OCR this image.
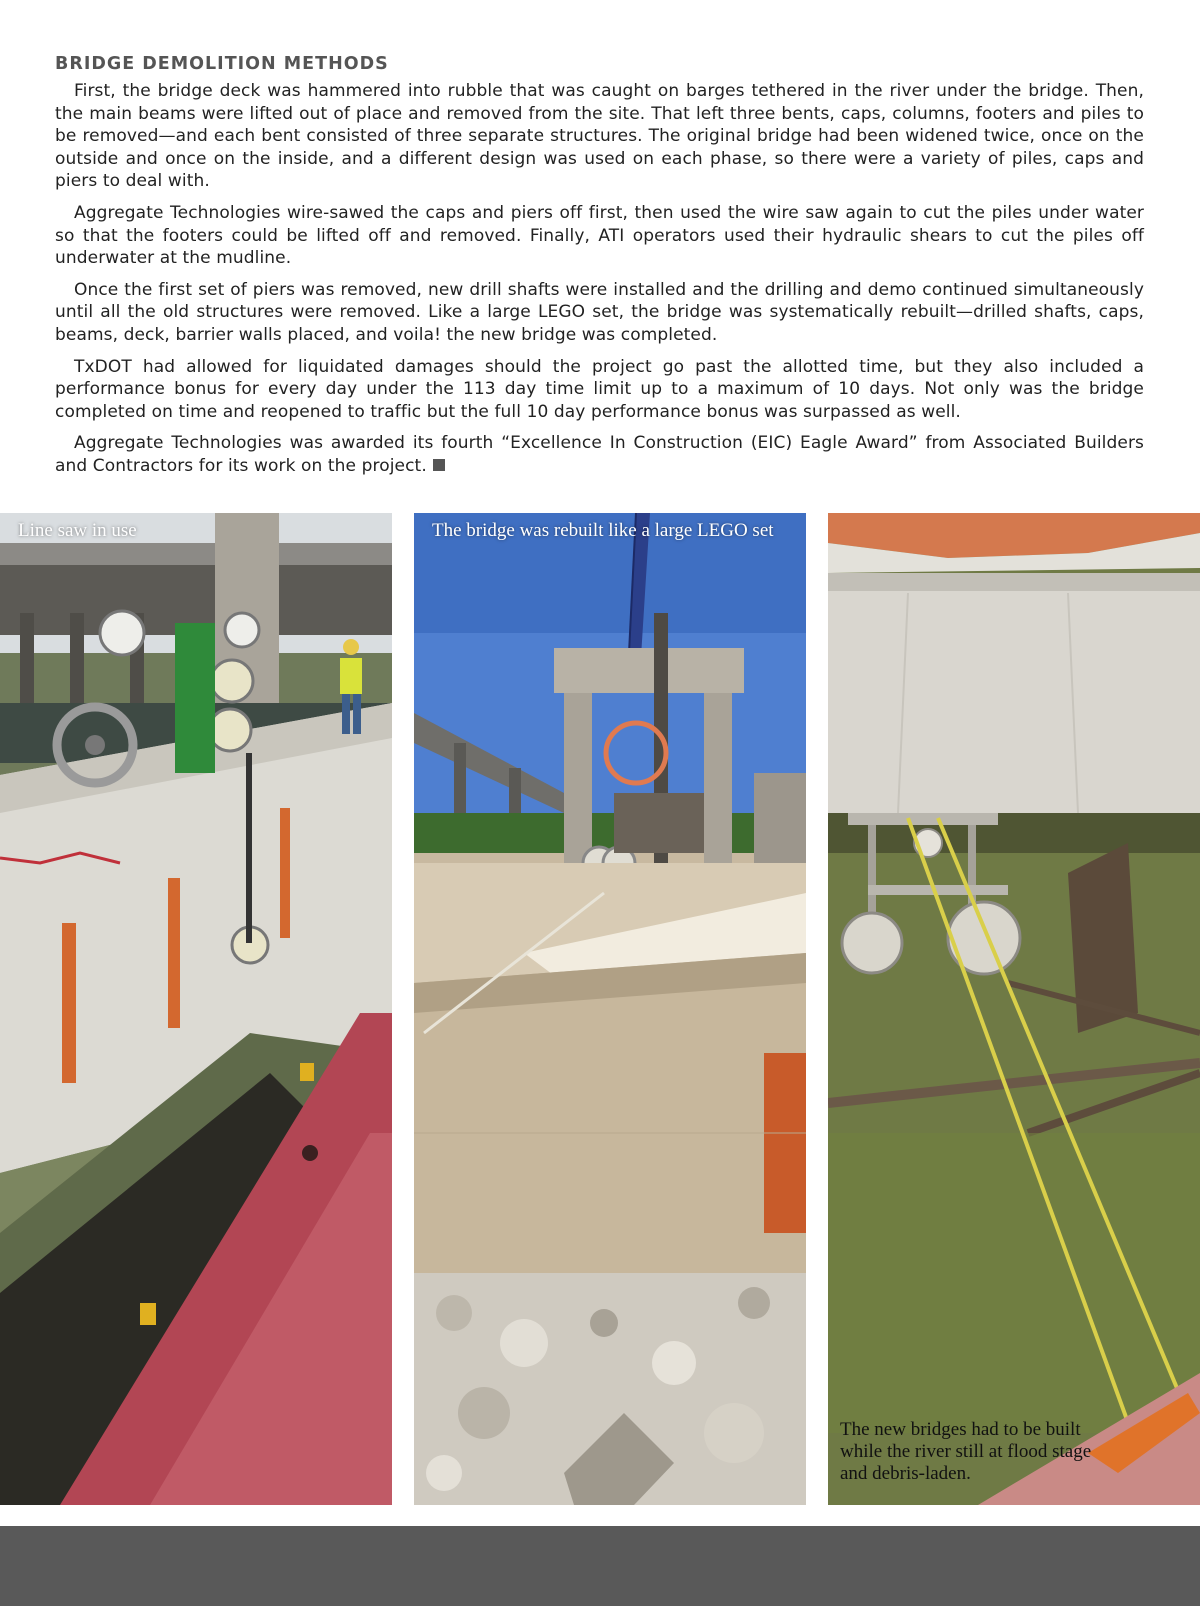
BRIDGE DEMOLITION METHODS

First, the bridge deck was hammered into rubble that was caught on barges tethered in the river under the bridge. Then, the main beams were lifted out of place and removed from the site. That left three bents, caps, columns, footers and piles to be removed—and each bent consisted of three separate structures. The original bridge had been widened twice, once on the outside and once on the inside, and a different design was used on each phase, so there were a variety of piles, caps and piers to deal with.

Aggregate Technologies wire-sawed the caps and piers off first, then used the wire saw again to cut the piles under water so that the footers could be lifted off and removed. Finally, ATI operators used their hydraulic shears to cut the piles off underwater at the mudline.

Once the first set of piers was removed, new drill shafts were installed and the drilling and demo continued simultaneously until all the old structures were removed. Like a large LEGO set, the bridge was systematically rebuilt—drilled shafts, caps, beams, deck, barrier walls placed, and voila! the new bridge was completed.

TxDOT had allowed for liquidated damages should the project go past the allotted time, but they also included a performance bonus for every day under the 113 day time limit up to a maximum of 10 days. Not only was the bridge completed on time and reopened to traffic but the full 10 day performance bonus was surpassed as well.

Aggregate Technologies was awarded its fourth “Excellence In Construction (EIC) Eagle Award” from Associated Builders and Contractors for its work on the project.

Line saw in use	The bridge was rebuilt like a large LEGO set
The new bridges had to be built while the river still at flood stage and debris-laden.
